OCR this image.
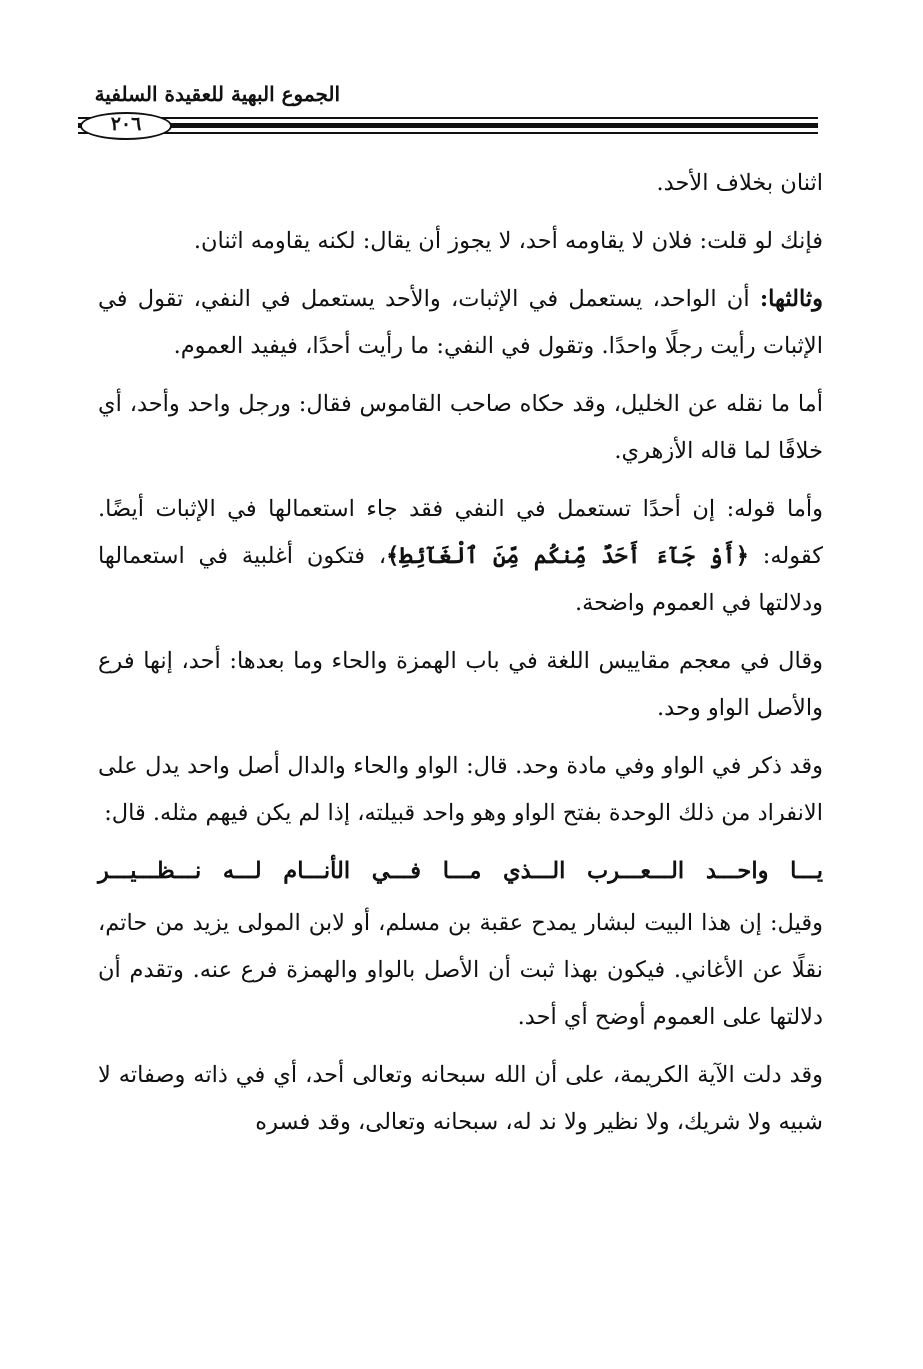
الجموع البهية للعقيدة السلفية
٢٠٦

اثنان بخلاف الأحد.

فإنك لو قلت: فلان لا يقاومه أحد، لا يجوز أن يقال: لكنه يقاومه اثنان.

وثالثها: أن الواحد، يستعمل في الإثبات، والأحد يستعمل في النفي، تقول في الإثبات رأيت رجلًا واحدًا. وتقول في النفي: ما رأيت أحدًا، فيفيد العموم.

أما ما نقله عن الخليل، وقد حكاه صاحب القاموس فقال: ورجل واحد وأحد، أي خلافًا لما قاله الأزهري.

وأما قوله: إن أحدًا تستعمل في النفي فقد جاء استعمالها في الإثبات أيضًا. كقوله: ﴿أَوْ جَآءَ أَحَدٌ مِّنكُم مِّنَ ٱلْغَآئِطِ﴾، فتكون أغلبية في استعمالها ودلالتها في العموم واضحة.

وقال في معجم مقاييس اللغة في باب الهمزة والحاء وما بعدها: أحد، إنها فرع والأصل الواو وحد.

وقد ذكر في الواو وفي مادة وحد. قال: الواو والحاء والدال أصل واحد يدل على الانفراد من ذلك الوحدة بفتح الواو وهو واحد قبيلته، إذا لم يكن فيهم مثله. قال:

يـــا واحـــد الـــعـــرب الـــذي مـــا فـــي الأنـــام لـــه نـــظـــيـــر

وقيل: إن هذا البيت لبشار يمدح عقبة بن مسلم، أو لابن المولى يزيد من حاتم، نقلًا عن الأغاني. فيكون بهذا ثبت أن الأصل بالواو والهمزة فرع عنه. وتقدم أن دلالتها على العموم أوضح أي أحد.

وقد دلت الآية الكريمة، على أن الله سبحانه وتعالى أحد، أي في ذاته وصفاته لا شبيه ولا شريك، ولا نظير ولا ند له، سبحانه وتعالى، وقد فسره
